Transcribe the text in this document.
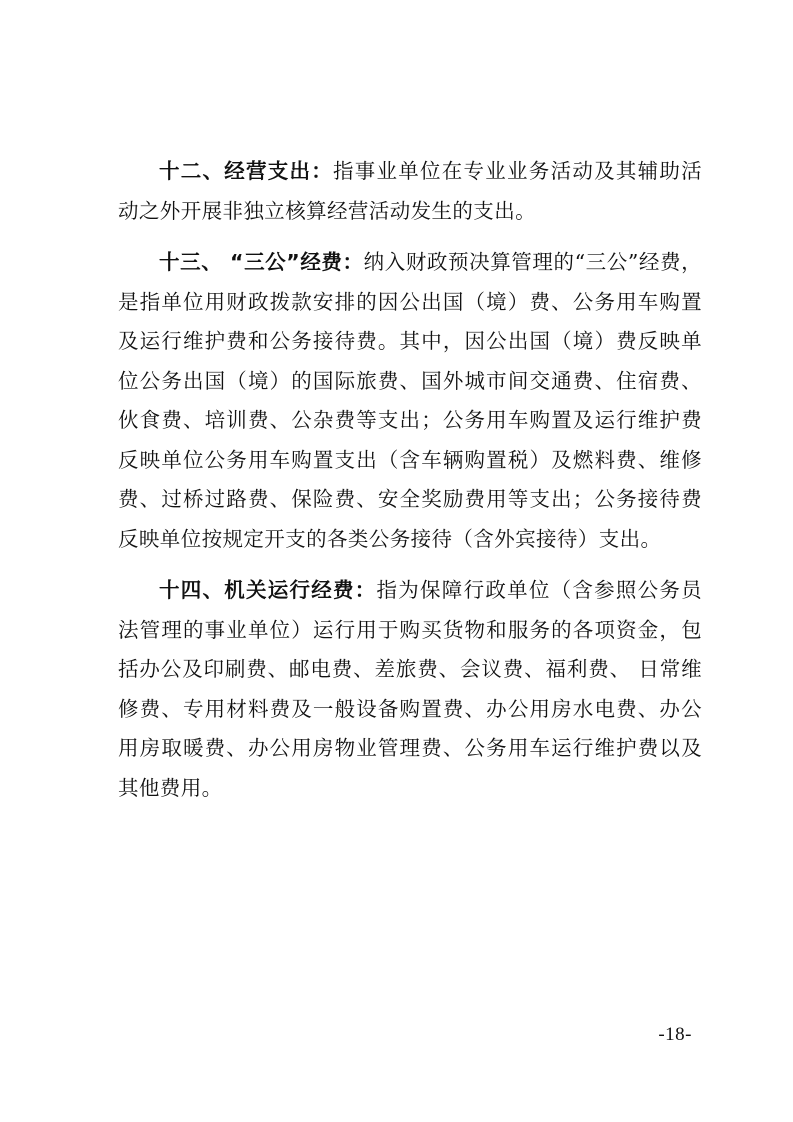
十二、经营支出：指事业单位在专业业务活动及其辅助活动之外开展非独立核算经营活动发生的支出。

十三、 “三公”经费：纳入财政预决算管理的“三公”经费，是指单位用财政拨款安排的因公出国（境）费、公务用车购置及运行维护费和公务接待费。其中，因公出国（境）费反映单位公务出国（境）的国际旅费、国外城市间交通费、住宿费、伙食费、培训费、公杂费等支出；公务用车购置及运行维护费反映单位公务用车购置支出（含车辆购置税）及燃料费、维修费、过桥过路费、保险费、安全奖励费用等支出；公务接待费反映单位按规定开支的各类公务接待（含外宾接待）支出。

十四、机关运行经费：指为保障行政单位（含参照公务员法管理的事业单位）运行用于购买货物和服务的各项资金，包括办公及印刷费、邮电费、差旅费、会议费、福利费、 日常维修费、专用材料费及一般设备购置费、办公用房水电费、办公用房取暖费、办公用房物业管理费、公务用车运行维护费以及其他费用。

-18-
